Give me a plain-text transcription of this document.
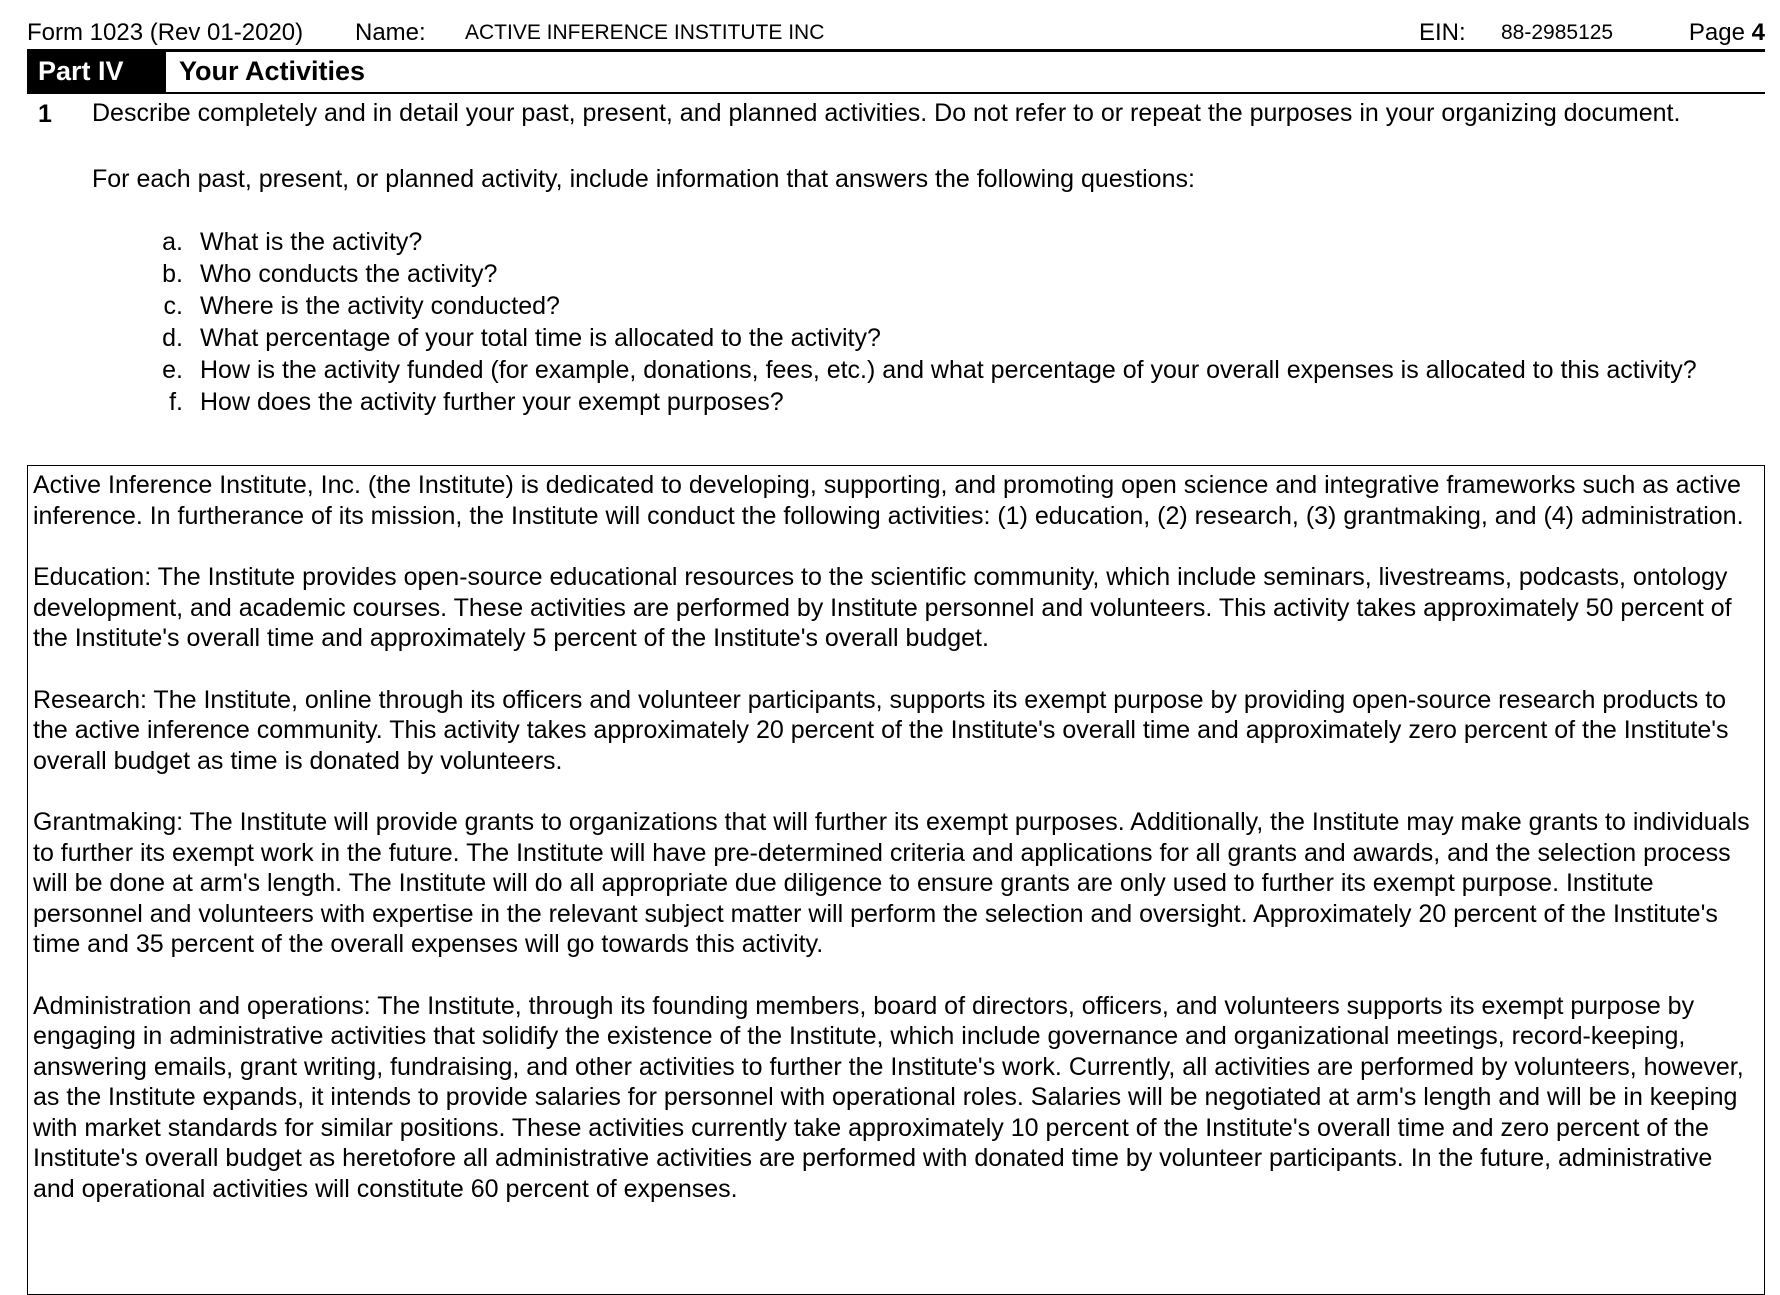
Form 1023 (Rev 01-2020) Name: ACTIVE INFERENCE INSTITUTE INC	EIN: 88-2985125	Page 4
Part IV	Your Activities
1 Describe completely and in detail your past, present, and planned activities. Do not refer to or repeat the purposes in your organizing document.
For each past, present, or planned activity, include information that answers the following questions:
a. What is the activity?
b. Who conducts the activity?
c. Where is the activity conducted?
d. What percentage of your total time is allocated to the activity?
e. How is the activity funded (for example, donations, fees, etc.) and what percentage of your overall expenses is allocated to this activity?
f. How does the activity further your exempt purposes?

Active Inference Institute, Inc. (the Institute) is dedicated to developing, supporting, and promoting open science and integrative frameworks such as active inference. In furtherance of its mission, the Institute will conduct the following activities: (1) education, (2) research, (3) grantmaking, and (4) administration.

Education: The Institute provides open-source educational resources to the scientific community, which include seminars, livestreams, podcasts, ontology development, and academic courses. These activities are performed by Institute personnel and volunteers. This activity takes approximately 50 percent of the Institute's overall time and approximately 5 percent of the Institute's overall budget.

Research: The Institute, online through its officers and volunteer participants, supports its exempt purpose by providing open-source research products to the active inference community. This activity takes approximately 20 percent of the Institute's overall time and approximately zero percent of the Institute's overall budget as time is donated by volunteers.

Grantmaking: The Institute will provide grants to organizations that will further its exempt purposes. Additionally, the Institute may make grants to individuals to further its exempt work in the future. The Institute will have pre-determined criteria and applications for all grants and awards, and the selection process will be done at arm's length. The Institute will do all appropriate due diligence to ensure grants are only used to further its exempt purpose. Institute personnel and volunteers with expertise in the relevant subject matter will perform the selection and oversight. Approximately 20 percent of the Institute's time and 35 percent of the overall expenses will go towards this activity.

Administration and operations: The Institute, through its founding members, board of directors, officers, and volunteers supports its exempt purpose by engaging in administrative activities that solidify the existence of the Institute, which include governance and organizational meetings, record-keeping, answering emails, grant writing, fundraising, and other activities to further the Institute's work. Currently, all activities are performed by volunteers, however, as the Institute expands, it intends to provide salaries for personnel with operational roles. Salaries will be negotiated at arm's length and will be in keeping with market standards for similar positions. These activities currently take approximately 10 percent of the Institute's overall time and zero percent of the Institute's overall budget as heretofore all administrative activities are performed with donated time by volunteer participants. In the future, administrative and operational activities will constitute 60 percent of expenses.
